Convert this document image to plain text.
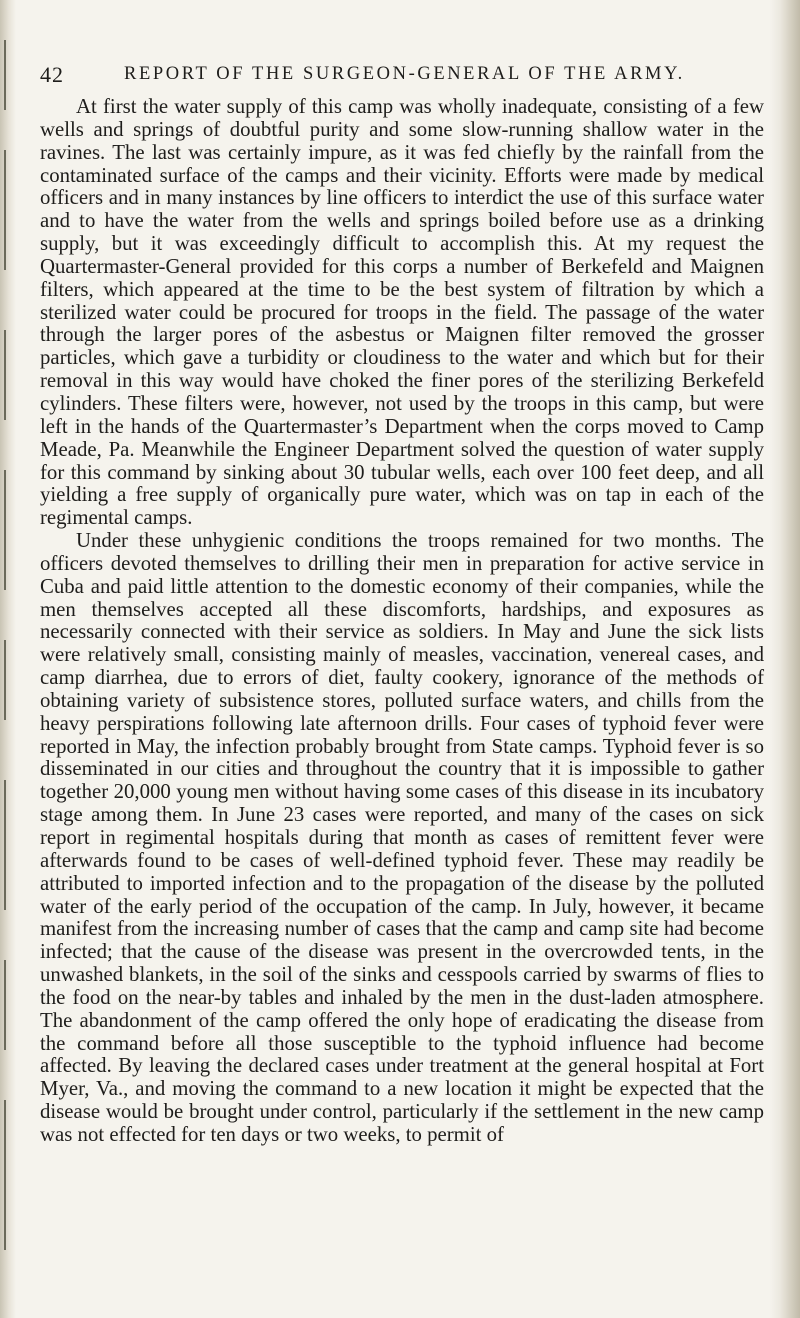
42	REPORT OF THE SURGEON-GENERAL OF THE ARMY.

At first the water supply of this camp was wholly inadequate, consisting of a few wells and springs of doubtful purity and some slow-running shallow water in the ravines. The last was certainly impure, as it was fed chiefly by the rainfall from the contaminated surface of the camps and their vicinity. Efforts were made by medical officers and in many instances by line officers to interdict the use of this surface water and to have the water from the wells and springs boiled before use as a drinking supply, but it was exceedingly difficult to accomplish this. At my request the Quartermaster-General provided for this corps a number of Berkefeld and Maignen filters, which appeared at the time to be the best system of filtration by which a sterilized water could be procured for troops in the field. The passage of the water through the larger pores of the asbestus or Maignen filter removed the grosser particles, which gave a turbidity or cloudiness to the water and which but for their removal in this way would have choked the finer pores of the sterilizing Berkefeld cylinders. These filters were, however, not used by the troops in this camp, but were left in the hands of the Quartermaster’s Department when the corps moved to Camp Meade, Pa. Meanwhile the Engineer Department solved the question of water supply for this command by sinking about 30 tubular wells, each over 100 feet deep, and all yielding a free supply of organically pure water, which was on tap in each of the regimental camps.

Under these unhygienic conditions the troops remained for two months. The officers devoted themselves to drilling their men in preparation for active service in Cuba and paid little attention to the domestic economy of their companies, while the men themselves accepted all these discomforts, hardships, and exposures as necessarily connected with their service as soldiers. In May and June the sick lists were relatively small, consisting mainly of measles, vaccination, venereal cases, and camp diarrhea, due to errors of diet, faulty cookery, ignorance of the methods of obtaining variety of subsistence stores, polluted surface waters, and chills from the heavy perspirations following late afternoon drills. Four cases of typhoid fever were reported in May, the infection probably brought from State camps. Typhoid fever is so disseminated in our cities and throughout the country that it is impossible to gather together 20,000 young men without having some cases of this disease in its incubatory stage among them. In June 23 cases were reported, and many of the cases on sick report in regimental hospitals during that month as cases of remittent fever were afterwards found to be cases of well-defined typhoid fever. These may readily be attributed to imported infection and to the propagation of the disease by the polluted water of the early period of the occupation of the camp. In July, however, it became manifest from the increasing number of cases that the camp and camp site had become infected; that the cause of the disease was present in the overcrowded tents, in the unwashed blankets, in the soil of the sinks and cesspools carried by swarms of flies to the food on the near-by tables and inhaled by the men in the dust-laden atmosphere. The abandonment of the camp offered the only hope of eradicating the disease from the command before all those susceptible to the typhoid influence had become affected. By leaving the declared cases under treatment at the general hospital at Fort Myer, Va., and moving the command to a new location it might be expected that the disease would be brought under control, particularly if the settlement in the new camp was not effected for ten days or two weeks, to permit of
